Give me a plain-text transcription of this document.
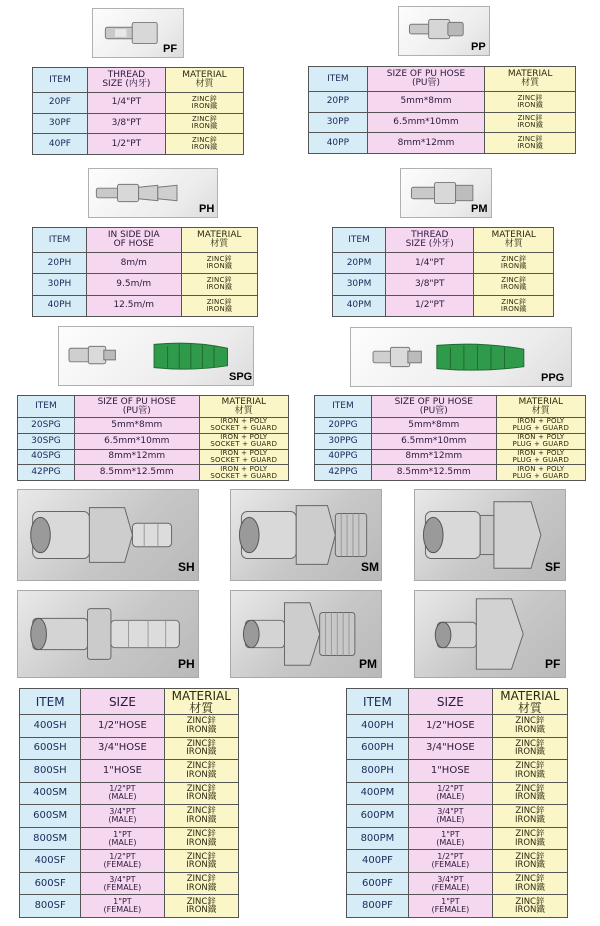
PF	PP
ITEM	THREAD
SIZE (内牙)	MATERIAL
材質
20PF	1/4"PT	ZINC鋅
IRON鐵
30PF	3/8"PT	ZINC鋅
IRON鐵
40PF	1/2"PT	ZINC鋅
IRON鐵
ITEM	SIZE OF PU HOSE
(PU管)	MATERIAL
材質
20PP	5mm*8mm	ZINC鋅
IRON鐵
30PP	6.5mm*10mm	ZINC鋅
IRON鐵
40PP	8mm*12mm	ZINC鋅
IRON鐵
PH	PM
ITEM	IN SIDE DIA
OF HOSE	MATERIAL
材質
20PH	8m/m	ZINC鋅
IRON鐵
30PH	9.5m/m	ZINC鋅
IRON鐵
40PH	12.5m/m	ZINC鋅
IRON鐵
ITEM	THREAD
SIZE (外牙)	MATERIAL
材質
20PM	1/4"PT	ZINC鋅
IRON鐵
30PM	3/8"PT	ZINC鋅
IRON鐵
40PM	1/2"PT	ZINC鋅
IRON鐵
SPG	PPG
ITEM	SIZE OF PU HOSE
(PU管)	MATERIAL
材質
20SPG	5mm*8mm	IRON + POLY
SOCKET + GUARD
30SPG	6.5mm*10mm	IRON + POLY
SOCKET + GUARD
40SPG	8mm*12mm	IRON + POLY
SOCKET + GUARD
42PPG	8.5mm*12.5mm	IRON + POLY
SOCKET + GUARD
ITEM	SIZE OF PU HOSE
(PU管)	MATERIAL
材質
20PPG	5mm*8mm	IRON + POLY
PLUG + GUARD
30PPG	6.5mm*10mm	IRON + POLY
PLUG + GUARD
40PPG	8mm*12mm	IRON + POLY
PLUG + GUARD
42PPG	8.5mm*12.5mm	IRON + POLY
PLUG + GUARD
SH	SM	SF
PH	PM	PF
ITEM	SIZE	MATERIAL
材質
400SH	1/2"HOSE	ZINC鋅
IRON鐵
600SH	3/4"HOSE	ZINC鋅
IRON鐵
800SH	1"HOSE	ZINC鋅
IRON鐵
400SM	1/2"PT
(MALE)	ZINC鋅
IRON鐵
600SM	3/4"PT
(MALE)	ZINC鋅
IRON鐵
800SM	1"PT
(MALE)	ZINC鋅
IRON鐵
400SF	1/2"PT
(FEMALE)	ZINC鋅
IRON鐵
600SF	3/4"PT
(FEMALE)	ZINC鋅
IRON鐵
800SF	1"PT
(FEMALE)	ZINC鋅
IRON鐵
ITEM	SIZE	MATERIAL
材質
400PH	1/2"HOSE	ZINC鋅
IRON鐵
600PH	3/4"HOSE	ZINC鋅
IRON鐵
800PH	1"HOSE	ZINC鋅
IRON鐵
400PM	1/2"PT
(MALE)	ZINC鋅
IRON鐵
600PM	3/4"PT
(MALE)	ZINC鋅
IRON鐵
800PM	1"PT
(MALE)	ZINC鋅
IRON鐵
400PF	1/2"PT
(FEMALE)	ZINC鋅
IRON鐵
600PF	3/4"PT
(FEMALE)	ZINC鋅
IRON鐵
800PF	1"PT
(FEMALE)	ZINC鋅
IRON鐵
